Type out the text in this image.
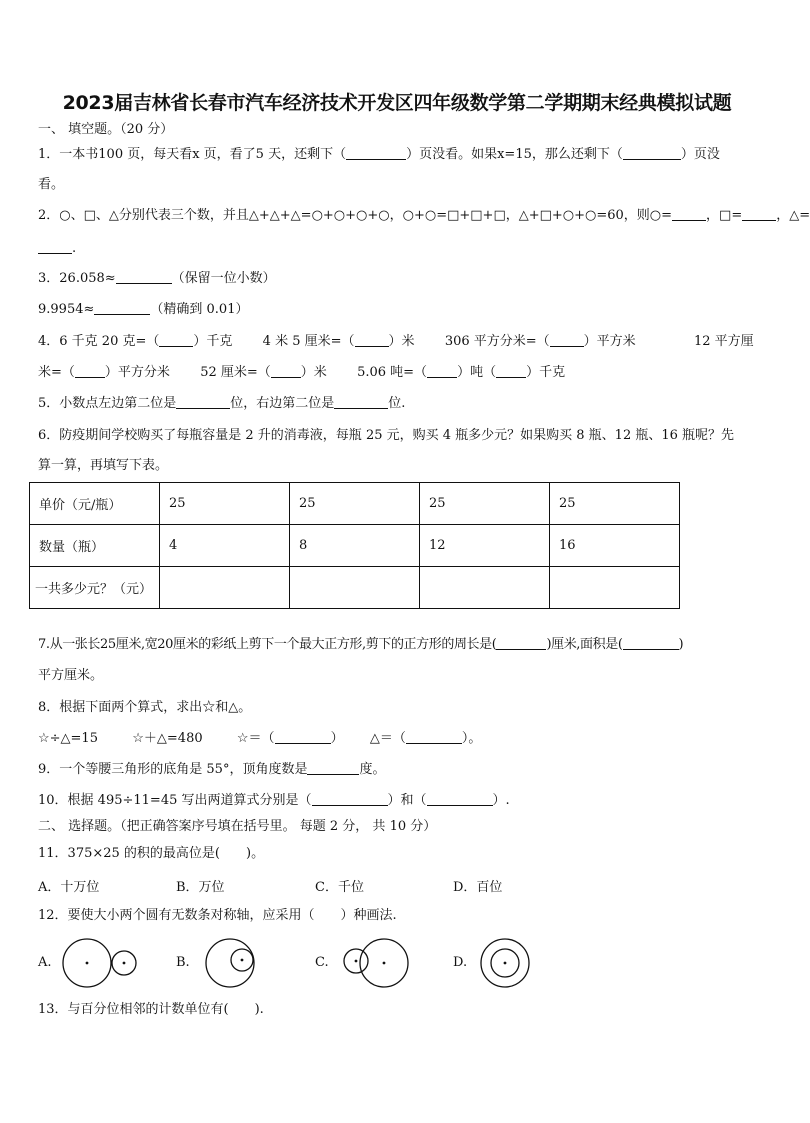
2023届吉林省长春市汽车经济技术开发区四年级数学第二学期期末经典模拟试题
一、 填空题。（20 分）
1．一本书100 页，每天看x 页，看了5 天，还剩下（	）页没看。如果x=15，那么还剩下（	）页没
看。
2．○、□、△分别代表三个数，并且△+△+△=○+○+○+○，○+○=□+□+□，△+□+○+○=60，则○=	，□=	，△=
.
3．26.058≈	（保留一位小数）
9.9954≈	（精确到 0.01）
4．6 千克 20 克=（	）千克 4 米 5 厘米=（	）米 306 平方分米=（	）平方米	12 平方厘
米=（ ）平方分米 52 厘米=（ ）米 5.06 吨=（ ）吨（ ）千克
5．小数点左边第二位是	位，右边第二位是	位.
6．防疫期间学校购买了每瓶容量是 2 升的消毒液，每瓶 25 元，购买 4 瓶多少元？如果购买 8 瓶、12 瓶、16 瓶呢？先
算一算，再填写下表。
单价（元/瓶）	25	25	25	25
数量（瓶）	4	8	12	16
一共多少元？（元）				
7.从一张长25厘米,宽20厘米的彩纸上剪下一个最大正方形,剪下的正方形的周长是(	)厘米,面积是(	)
平方厘米。
8．根据下面两个算式，求出☆和△。
☆÷△=15	☆＋△=480	☆＝（	） △＝（	）。
9．一个等腰三角形的底角是 55°，顶角度数是	度。
10．根据 495÷11=45 写出两道算式分别是（	）和（	）.
二、 选择题。（把正确答案序号填在括号里。 每题 2 分， 共 10 分）
11．375×25 的积的最高位是(　　)。
A．十万位	B．万位	C．千位	D．百位
12．要使大小两个圆有无数条对称轴，应采用（　　）种画法.
A.	B.	C.	D.
13．与百分位相邻的计数单位有(　　).
